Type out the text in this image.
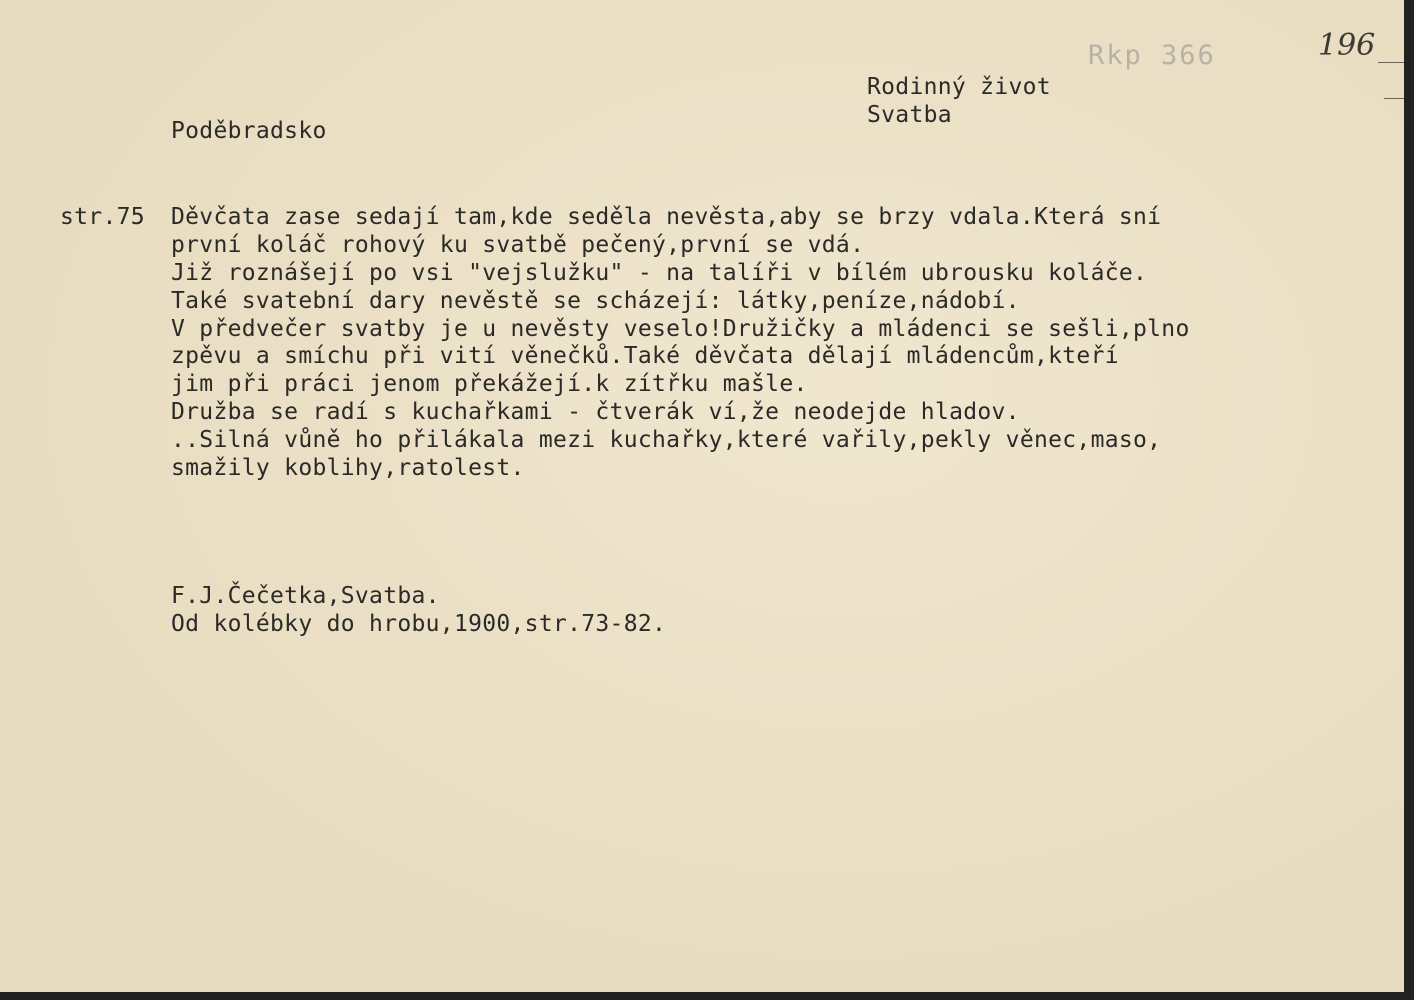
Rkp 366	196
Rodinný život
Svatba
Poděbradsko
str.75 Děvčata zase sedají tam,kde seděla nevěsta,aby se brzy vdala.Která sní
první koláč rohový ku svatbě pečený,první se vdá.
Již roznášejí po vsi "vejslužku" - na talíři v bílém ubrousku koláče.
Také svatební dary nevěstě se scházejí: látky,peníze,nádobí.
V předvečer svatby je u nevěsty veselo!Družičky a mládenci se sešli,plno
zpěvu a smíchu při vití věnečků.Také děvčata dělají mládencům,kteří
jim při práci jenom překážejí.k zítřku mašle.
Družba se radí s kuchařkami - čtverák ví,že neodejde hladov.
..Silná vůně ho přilákala mezi kuchařky,které vařily,pekly věnec,maso,
smažily koblihy,ratolest.
F.J.Čečetka,Svatba.
Od kolébky do hrobu,1900,str.73-82.
